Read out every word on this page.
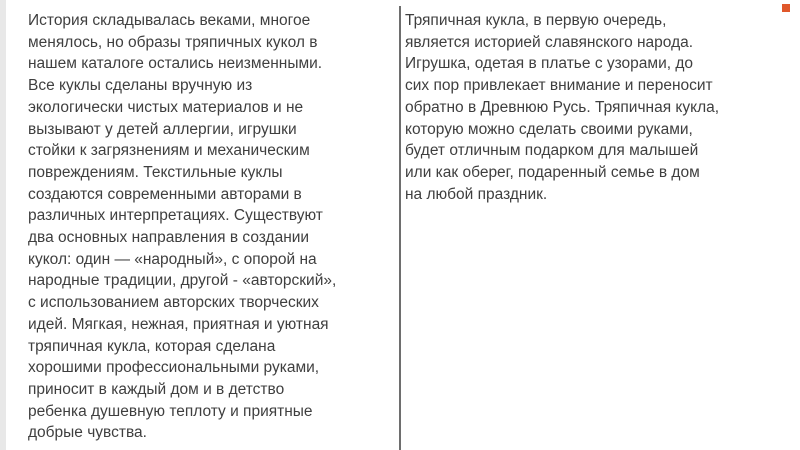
История складывалась веками, многое
менялось, но образы тряпичных кукол в
нашем каталоге остались неизменными.
Все куклы сделаны вручную из
экологически чистых материалов и не
вызывают у детей аллергии, игрушки
стойки к загрязнениям и механическим
повреждениям. Текстильные куклы
создаются современными авторами в
различных интерпретациях. Существуют
два основных направления в создании
кукол: один — «народный», с опорой на
народные традиции, другой - «авторский»,
с использованием авторских творческих
идей. Мягкая, нежная, приятная и уютная
тряпичная кукла, которая сделана
хорошими профессиональными руками,
приносит в каждый дом и в детство
ребенка душевную теплоту и приятные
добрые чувства.

Тряпичная кукла, в первую очередь,
является историей славянского народа.
Игрушка, одетая в платье с узорами, до
сих пор привлекает внимание и переносит
обратно в Древнюю Русь. Тряпичная кукла,
которую можно сделать своими руками,
будет отличным подарком для малышей
или как оберег, подаренный семье в дом
на любой праздник.
